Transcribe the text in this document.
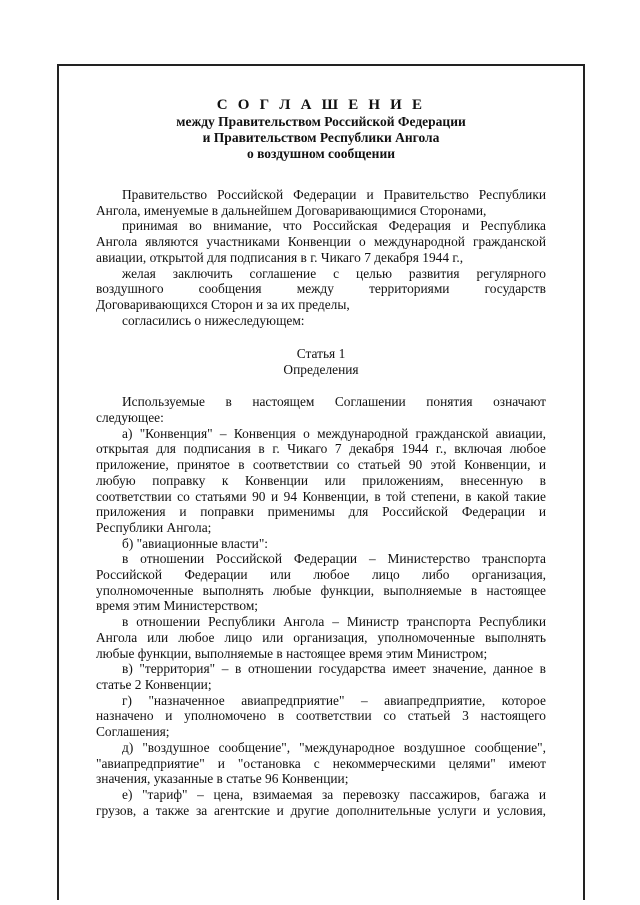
С О Г Л А Ш Е Н И Е

между Правительством Российской Федерации

и Правительством Республики Ангола

о воздушном сообщении

Правительство Российской Федерации и Правительство Республики

Ангола, именуемые в дальнейшем Договаривающимися Сторонами,

принимая во внимание, что Российская Федерация и Республика

Ангола являются участниками Конвенции о международной гражданской

авиации, открытой для подписания в г. Чикаго 7 декабря 1944 г.,

желая заключить соглашение с целью развития регулярного

воздушного сообщения между территориями государств

Договаривающихся Сторон и за их пределы,

согласились о нижеследующем:

Статья 1

Определения

Используемые в настоящем Соглашении понятия означают

следующее:

а) "Конвенция" – Конвенция о международной гражданской авиации,

открытая для подписания в г. Чикаго 7 декабря 1944 г., включая любое

приложение, принятое в соответствии со статьей 90 этой Конвенции, и

любую поправку к Конвенции или приложениям, внесенную в

соответствии со статьями 90 и 94 Конвенции, в той степени, в какой такие

приложения и поправки применимы для Российской Федерации и

Республики Ангола;

б) "авиационные власти":

в отношении Российской Федерации – Министерство транспорта

Российской Федерации или любое лицо либо организация,

уполномоченные выполнять любые функции, выполняемые в настоящее

время этим Министерством;

в отношении Республики Ангола – Министр транспорта Республики

Ангола или любое лицо или организация, уполномоченные выполнять

любые функции, выполняемые в настоящее время этим Министром;

в) "территория" – в отношении государства имеет значение, данное в

статье 2 Конвенции;

г) "назначенное авиапредприятие" – авиапредприятие, которое

назначено и уполномочено в соответствии со статьей 3 настоящего

Соглашения;

д) "воздушное сообщение", "международное воздушное сообщение",

"авиапредприятие" и "остановка с некоммерческими целями" имеют

значения, указанные в статье 96 Конвенции;

е) "тариф" – цена, взимаемая за перевозку пассажиров, багажа и

грузов, а также за агентские и другие дополнительные услуги и условия,
